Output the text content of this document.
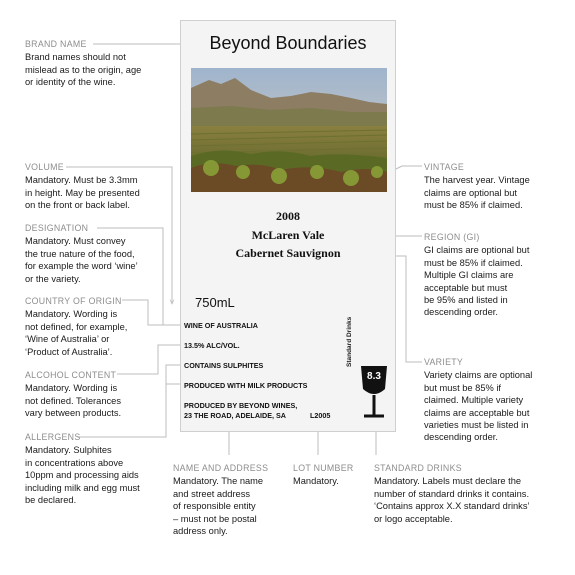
Beyond Boundaries
2008
McLaren Vale
Cabernet Sauvignon
750mL
WINE OF AUSTRALIA
13.5% ALC/VOL.
CONTAINS SULPHITES
PRODUCED WITH MILK PRODUCTS
PRODUCED BY BEYOND WINES,
23 THE ROAD, ADELAIDE, SA	L2005
Standard Drinks
8.3
BRAND NAME
Brand names should not
mislead as to the origin, age
or identity of the wine.
VOLUME
Mandatory. Must be 3.3mm
in height. May be presented
on the front or back label.
DESIGNATION
Mandatory. Must convey
the true nature of the food,
for example the word ‘wine’
or the variety.
COUNTRY OF ORIGIN
Mandatory. Wording is
not defined, for example,
‘Wine of Australia’ or
‘Product of Australia’.
ALCOHOL CONTENT
Mandatory. Wording is
not defined. Tolerances
vary between products.
ALLERGENS
Mandatory. Sulphites
in concentrations above
10ppm and processing aids
including milk and egg must
be declared.
NAME AND ADDRESS
Mandatory. The name
and street address
of responsible entity
– must not be postal
address only.
LOT NUMBER
Mandatory.
STANDARD DRINKS
Mandatory. Labels must declare the
number of standard drinks it contains.
‘Contains approx X.X standard drinks’
or logo acceptable.
VINTAGE
The harvest year. Vintage
claims are optional but
must be 85% if claimed.
REGION (GI)
GI claims are optional but
must be 85% if claimed.
Multiple GI claims are
acceptable but must
be 95% and listed in
descending order.
VARIETY
Variety claims are optional
but must be 85% if
claimed. Multiple variety
claims are acceptable but
varieties must be listed in
descending order.
